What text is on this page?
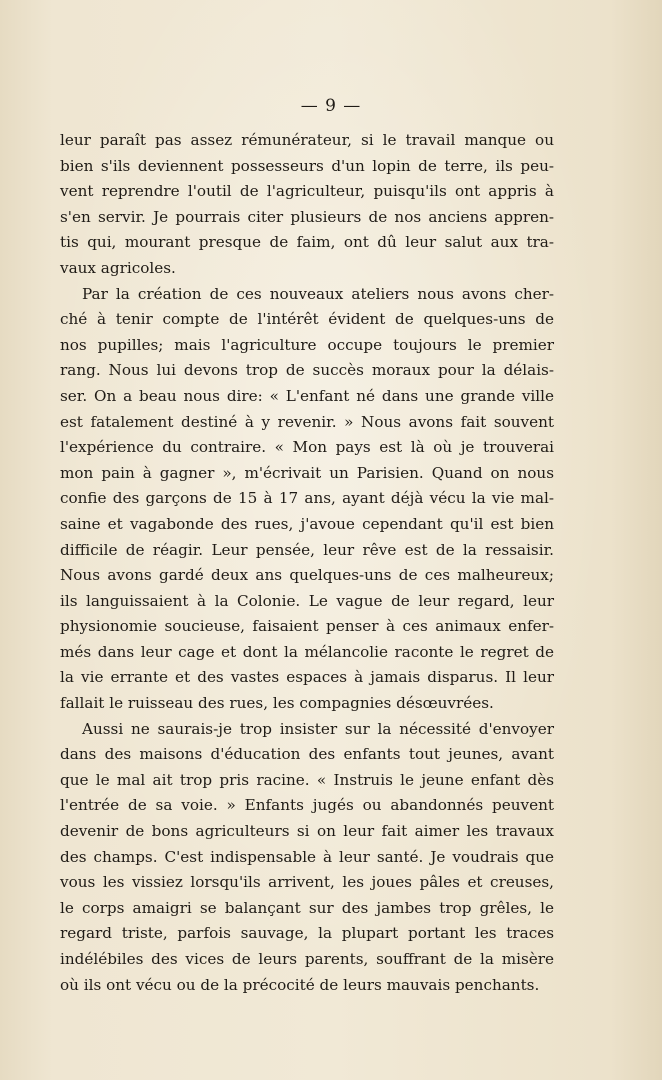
— 9 —
leur paraît pas assez rémunérateur, si le travail manque ou
bien s'ils deviennent possesseurs d'un lopin de terre, ils peu-
vent reprendre l'outil de l'agriculteur, puisqu'ils ont appris à
s'en servir. Je pourrais citer plusieurs de nos anciens appren-
tis qui, mourant presque de faim, ont dû leur salut aux tra-
vaux agricoles.
Par la création de ces nouveaux ateliers nous avons cher-
ché à tenir compte de l'intérêt évident de quelques-uns de
nos pupilles; mais l'agriculture occupe toujours le premier
rang. Nous lui devons trop de succès moraux pour la délais-
ser. On a beau nous dire: « L'enfant né dans une grande ville
est fatalement destiné à y revenir. » Nous avons fait souvent
l'expérience du contraire. « Mon pays est là où je trouverai
mon pain à gagner », m'écrivait un Parisien. Quand on nous
confie des garçons de 15 à 17 ans, ayant déjà vécu la vie mal-
saine et vagabonde des rues, j'avoue cependant qu'il est bien
difficile de réagir. Leur pensée, leur rêve est de la ressaisir.
Nous avons gardé deux ans quelques-uns de ces malheureux;
ils languissaient à la Colonie. Le vague de leur regard, leur
physionomie soucieuse, faisaient penser à ces animaux enfer-
més dans leur cage et dont la mélancolie raconte le regret de
la vie errante et des vastes espaces à jamais disparus. Il leur
fallait le ruisseau des rues, les compagnies désœuvrées.
Aussi ne saurais-je trop insister sur la nécessité d'envoyer
dans des maisons d'éducation des enfants tout jeunes, avant
que le mal ait trop pris racine. « Instruis le jeune enfant dès
l'entrée de sa voie. » Enfants jugés ou abandonnés peuvent
devenir de bons agriculteurs si on leur fait aimer les travaux
des champs. C'est indispensable à leur santé. Je voudrais que
vous les vissiez lorsqu'ils arrivent, les joues pâles et creuses,
le corps amaigri se balançant sur des jambes trop grêles, le
regard triste, parfois sauvage, la plupart portant les traces
indélébiles des vices de leurs parents, souffrant de la misère
où ils ont vécu ou de la précocité de leurs mauvais penchants.
